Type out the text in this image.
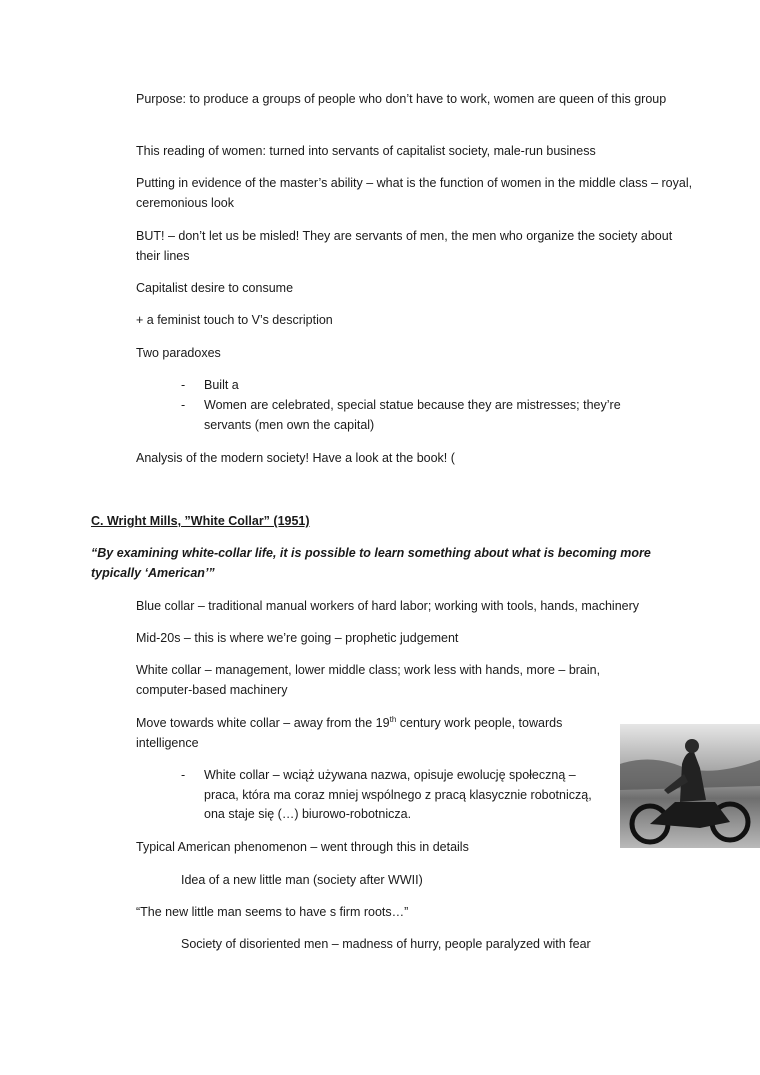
Purpose: to produce a groups of people who don’t have to work, women are queen of this group
This reading of women: turned into servants of capitalist society, male-run business
Putting in evidence of the master’s ability – what is the function of women in the middle class – royal, ceremonious look
BUT! – don’t let us be misled! They are servants of men, the men who organize the society about their lines
Capitalist desire to consume
+ a feminist touch to V’s description
Two paradoxes
- Built a
- Women are celebrated, special statue because they are mistresses; they’re servants (men own the capital)
Analysis of the modern society! Have a look at the book! (
C. Wright Mills, ”White Collar” (1951)
“By examining white-collar life, it is possible to learn something about what is becoming more typically ‘American’”
Blue collar – traditional manual workers of hard labor; working with tools, hands, machinery
Mid-20s – this is where we’re going – prophetic judgement
White collar – management, lower middle class; work less with hands, more – brain, computer-based machinery
Move towards white collar – away from the 19th century work people, towards intelligence
- White collar – wciąż używana nazwa, opisuje ewolucję społeczną – praca, która ma coraz mniej wspólnego z pracą klasycznie robotniczą, ona staje się (…) biurowo-robotnicza.
Typical American phenomenon – went through this in details
Idea of a new little man (society after WWII)
“The new little man seems to have s firm roots…”
Society of disoriented men – madness of hurry, people paralyzed with fear
